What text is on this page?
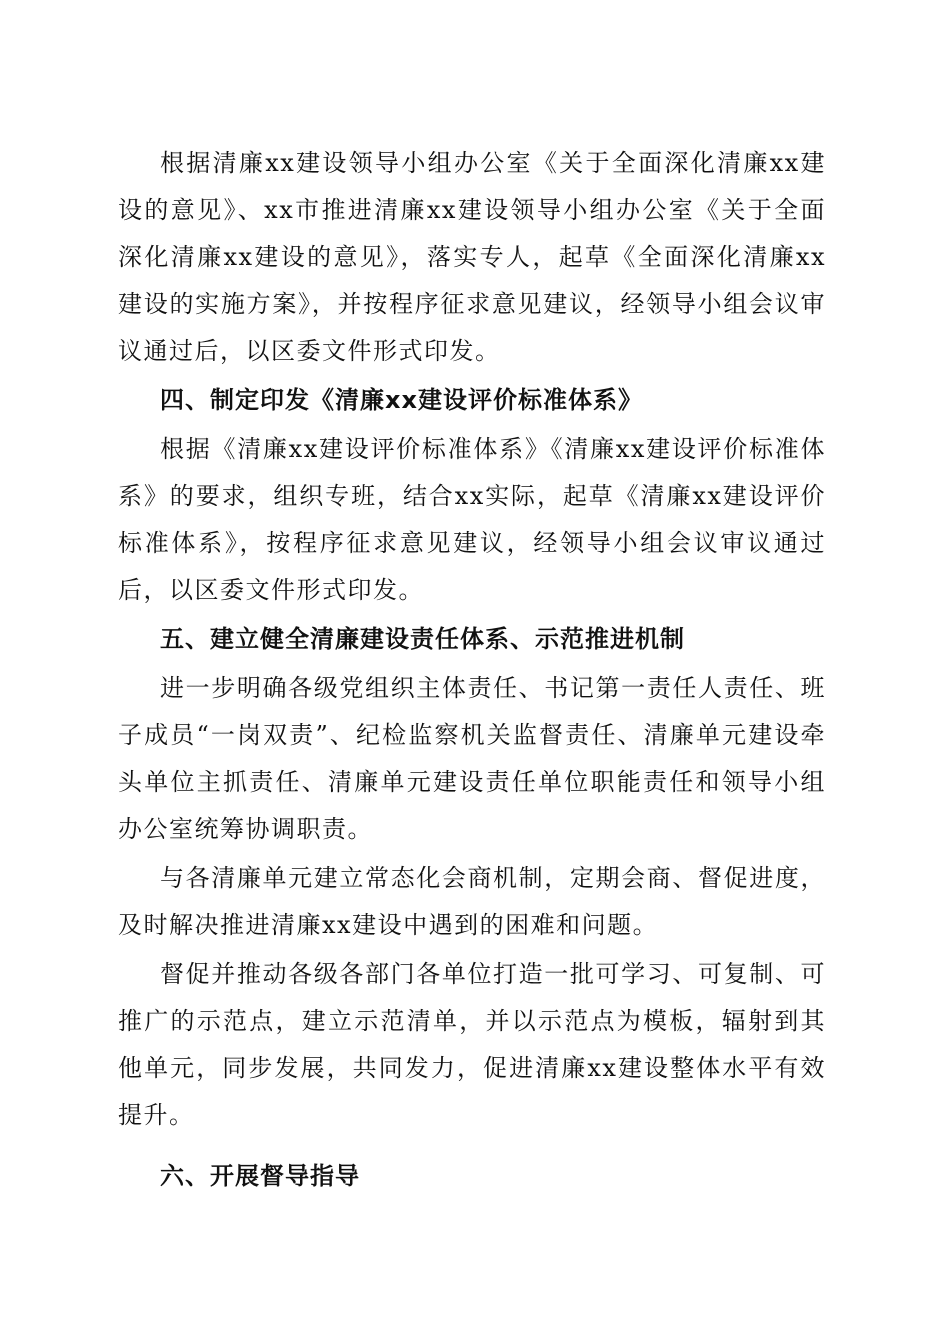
根据清廉xx建设领导小组办公室《关于全面深化清廉xx建设的意见》、xx市推进清廉xx建设领导小组办公室《关于全面深化清廉xx建设的意见》，落实专人，起草《全面深化清廉xx建设的实施方案》，并按程序征求意见建议，经领导小组会议审议通过后，以区委文件形式印发。

四、制定印发《清廉xx建设评价标准体系》

根据《清廉xx建设评价标准体系》《清廉xx建设评价标准体系》的要求，组织专班，结合xx实际，起草《清廉xx建设评价标准体系》，按程序征求意见建议，经领导小组会议审议通过后，以区委文件形式印发。

五、建立健全清廉建设责任体系、示范推进机制

进一步明确各级党组织主体责任、书记第一责任人责任、班子成员“一岗双责”、纪检监察机关监督责任、清廉单元建设牵头单位主抓责任、清廉单元建设责任单位职能责任和领导小组办公室统筹协调职责。

与各清廉单元建立常态化会商机制，定期会商、督促进度，及时解决推进清廉xx建设中遇到的困难和问题。

督促并推动各级各部门各单位打造一批可学习、可复制、可推广的示范点，建立示范清单，并以示范点为模板，辐射到其他单元，同步发展，共同发力，促进清廉xx建设整体水平有效提升。

六、开展督导指导
